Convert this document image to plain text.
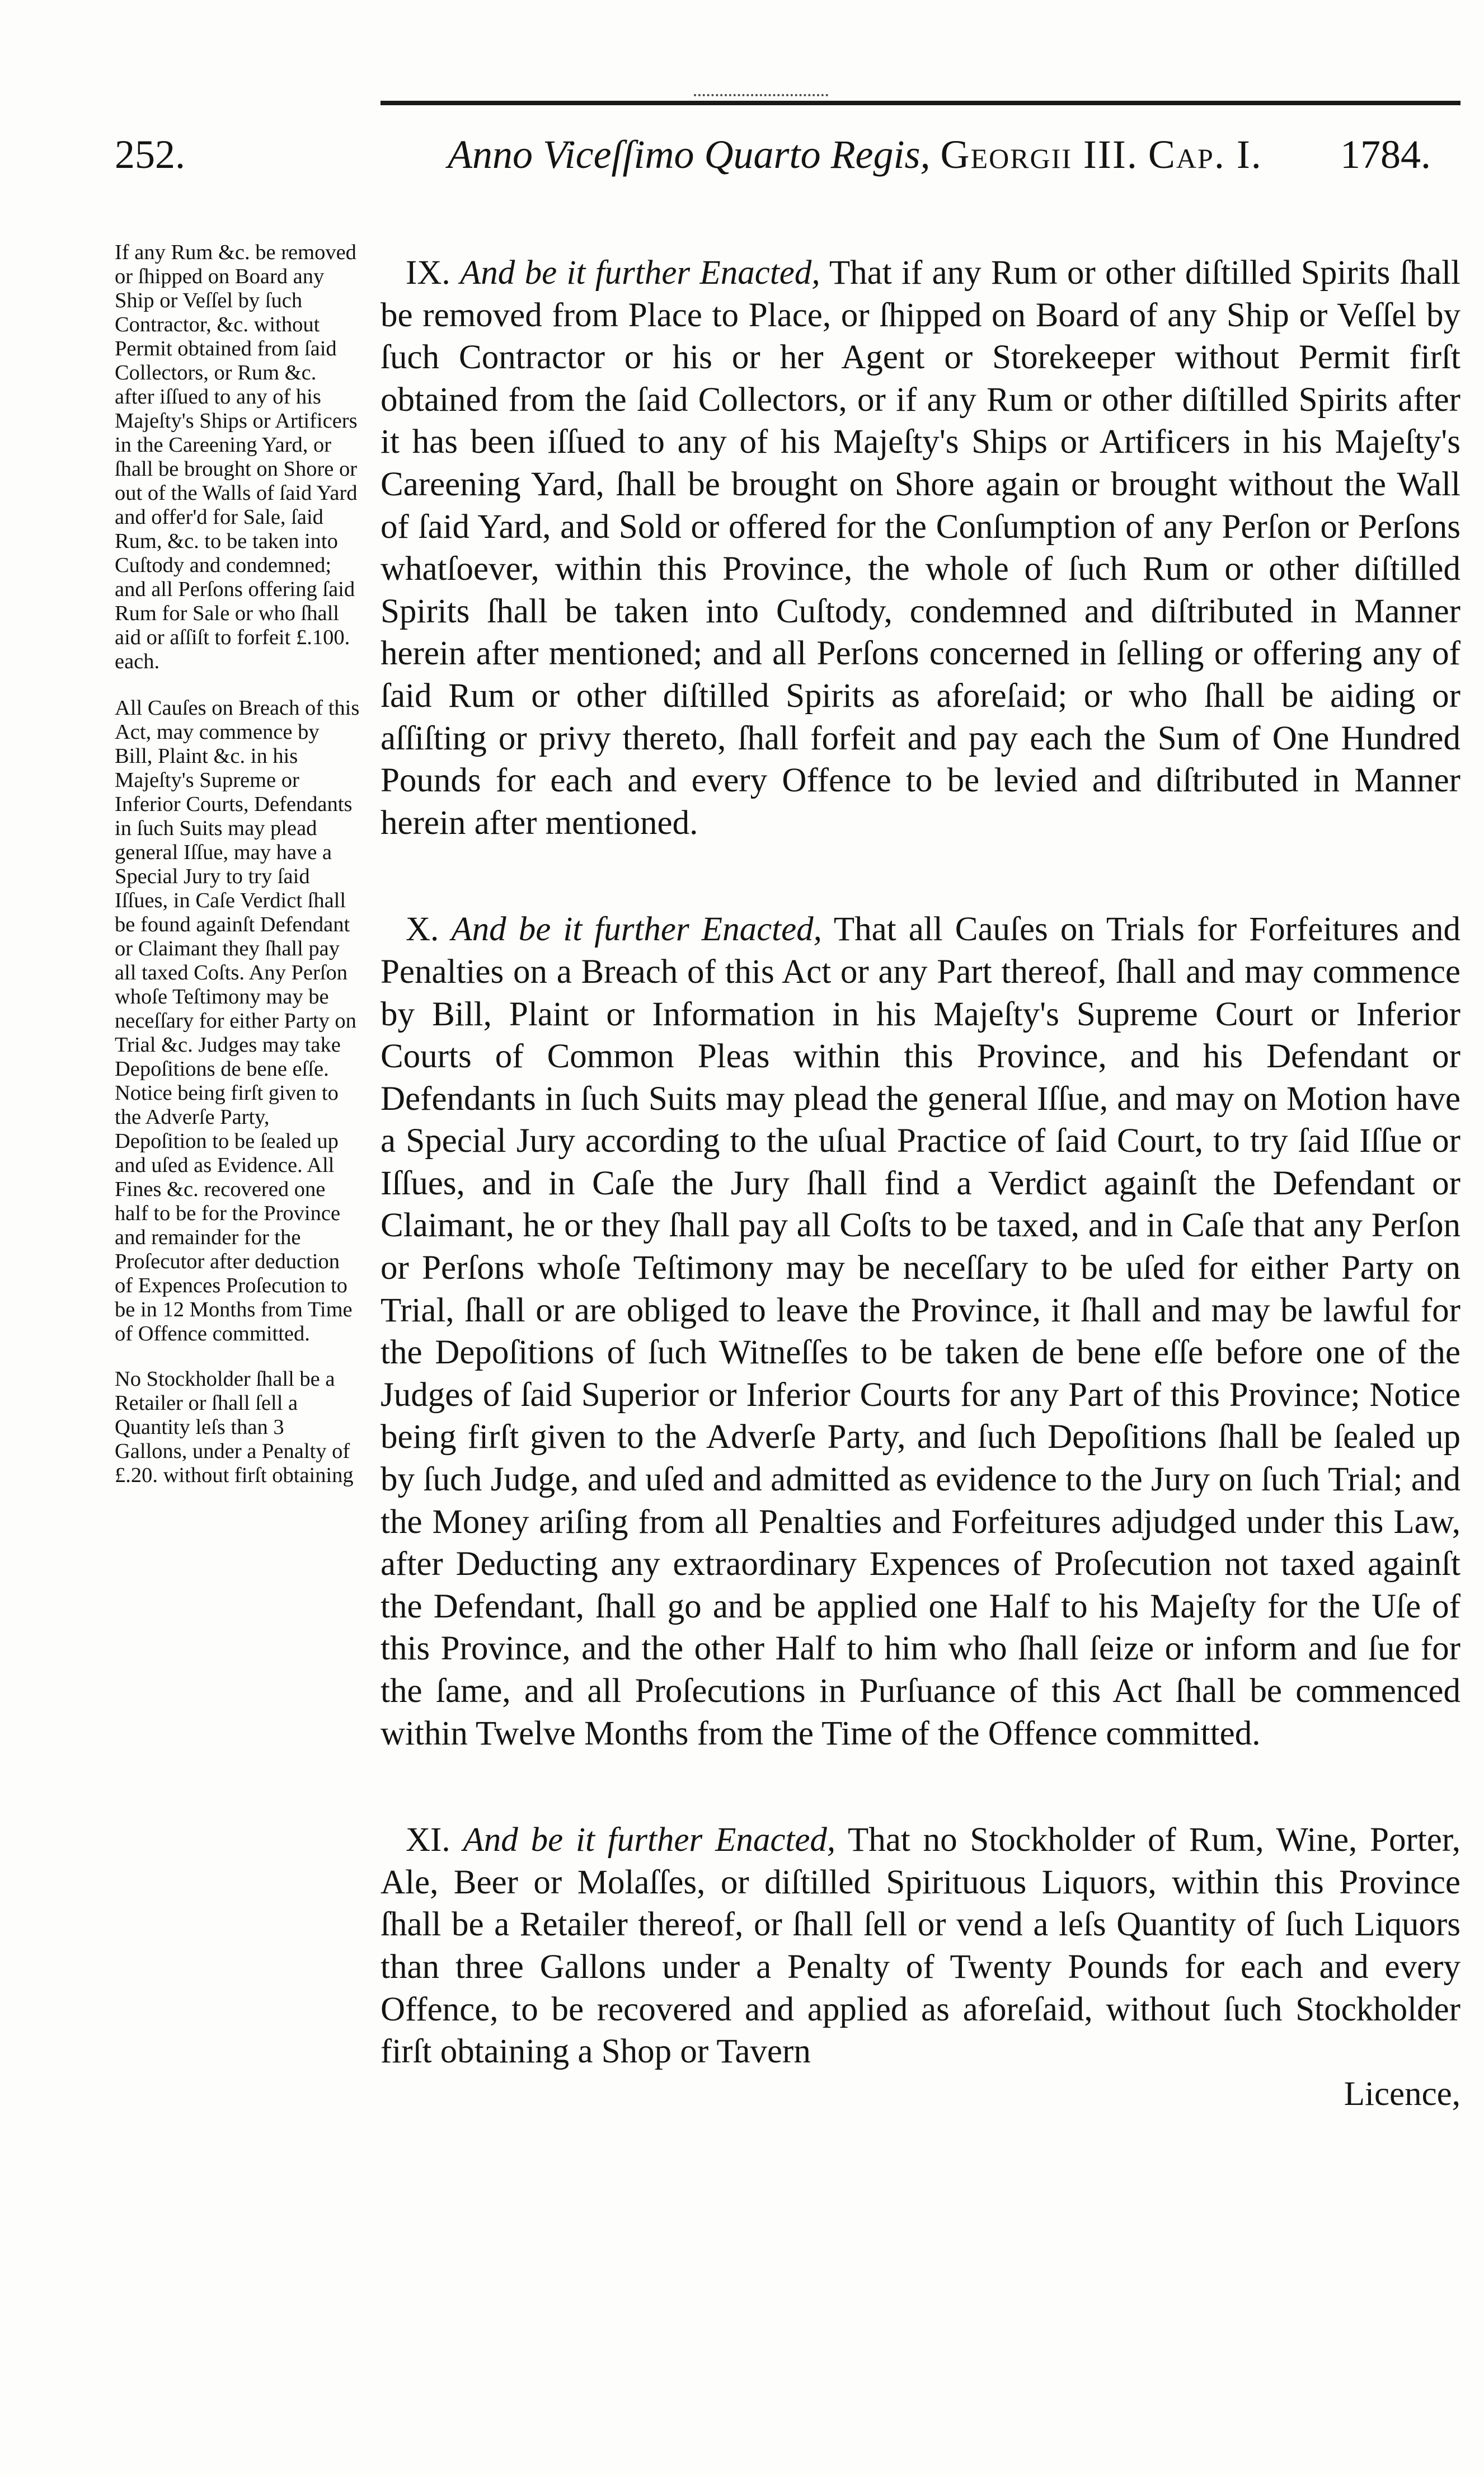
252.	Anno Viceſſimo Quarto Regis, Georgii III. Cap. I. 1784.

If any Rum &c. be removed or ſhipped on Board any Ship or Veſſel by ſuch Contractor, &c. without Permit obtained from ſaid Collectors, or Rum &c. after iſſued to any of his Majeſty's Ships or Artificers in the Careening Yard, or ſhall be brought on Shore or out of the Walls of ſaid Yard and offer'd for Sale, ſaid Rum, &c. to be taken into Cuſtody and condemned; and all Perſons offering ſaid Rum for Sale or who ſhall aid or aſſiſt to forfeit £.100. each.

All Cauſes on Breach of this Act, may commence by Bill, Plaint &c. in his Majeſty's Supreme or Inferior Courts, Defendants in ſuch Suits may plead general Iſſue, may have a Special Jury to try ſaid Iſſues, in Caſe Verdict ſhall be found againſt Defendant or Claimant they ſhall pay all taxed Coſts. Any Perſon whoſe Teſtimony may be neceſſary for either Party on Trial &c. Judges may take Depoſitions de bene eſſe. Notice being firſt given to the Adverſe Party, Depoſition to be ſealed up and uſed as Evidence. All Fines &c. recovered one half to be for the Province and remainder for the Proſecutor after deduction of Expences Proſecution to be in 12 Months from Time of Offence committed.

No Stockholder ſhall be a Retailer or ſhall ſell a Quantity leſs than 3 Gallons, under a Penalty of £.20. without firſt obtaining

IX. And be it further Enacted, That if any Rum or other diſtilled Spirits ſhall be removed from Place to Place, or ſhipped on Board of any Ship or Veſſel by ſuch Contractor or his or her Agent or Storekeeper without Permit firſt obtained from the ſaid Collectors, or if any Rum or other diſtilled Spirits after it has been iſſued to any of his Majeſty's Ships or Artificers in his Majeſty's Careening Yard, ſhall be brought on Shore again or brought without the Wall of ſaid Yard, and Sold or offered for the Conſumption of any Perſon or Perſons whatſoever, within this Province, the whole of ſuch Rum or other diſtilled Spirits ſhall be taken into Cuſtody, condemned and diſtributed in Manner herein after mentioned; and all Perſons concerned in ſelling or offering any of ſaid Rum or other diſtilled Spirits as aforeſaid; or who ſhall be aiding or aſſiſting or privy thereto, ſhall forfeit and pay each the Sum of One Hundred Pounds for each and every Offence to be levied and diſtributed in Manner herein after mentioned.

X. And be it further Enacted, That all Cauſes on Trials for Forfeitures and Penalties on a Breach of this Act or any Part thereof, ſhall and may commence by Bill, Plaint or Information in his Majeſty's Supreme Court or Inferior Courts of Common Pleas within this Province, and his Defendant or Defendants in ſuch Suits may plead the general Iſſue, and may on Motion have a Special Jury according to the uſual Practice of ſaid Court, to try ſaid Iſſue or Iſſues, and in Caſe the Jury ſhall find a Verdict againſt the Defendant or Claimant, he or they ſhall pay all Coſts to be taxed, and in Caſe that any Perſon or Perſons whoſe Teſtimony may be neceſſary to be uſed for either Party on Trial, ſhall or are obliged to leave the Province, it ſhall and may be lawful for the Depoſitions of ſuch Witneſſes to be taken de bene eſſe before one of the Judges of ſaid Superior or Inferior Courts for any Part of this Province; Notice being firſt given to the Adverſe Party, and ſuch Depoſitions ſhall be ſealed up by ſuch Judge, and uſed and admitted as evidence to the Jury on ſuch Trial; and the Money ariſing from all Penalties and Forfeitures adjudged under this Law, after Deducting any extraordinary Expences of Proſecution not taxed againſt the Defendant, ſhall go and be applied one Half to his Majeſty for the Uſe of this Province, and the other Half to him who ſhall ſeize or inform and ſue for the ſame, and all Proſecutions in Purſuance of this Act ſhall be commenced within Twelve Months from the Time of the Offence committed.

XI. And be it further Enacted, That no Stockholder of Rum, Wine, Porter, Ale, Beer or Molaſſes, or diſtilled Spirituous Liquors, within this Province ſhall be a Retailer thereof, or ſhall ſell or vend a leſs Quantity of ſuch Liquors than three Gallons under a Penalty of Twenty Pounds for each and every Offence, to be recovered and applied as aforeſaid, without ſuch Stockholder firſt obtaining a Shop or Tavern

Licence,
